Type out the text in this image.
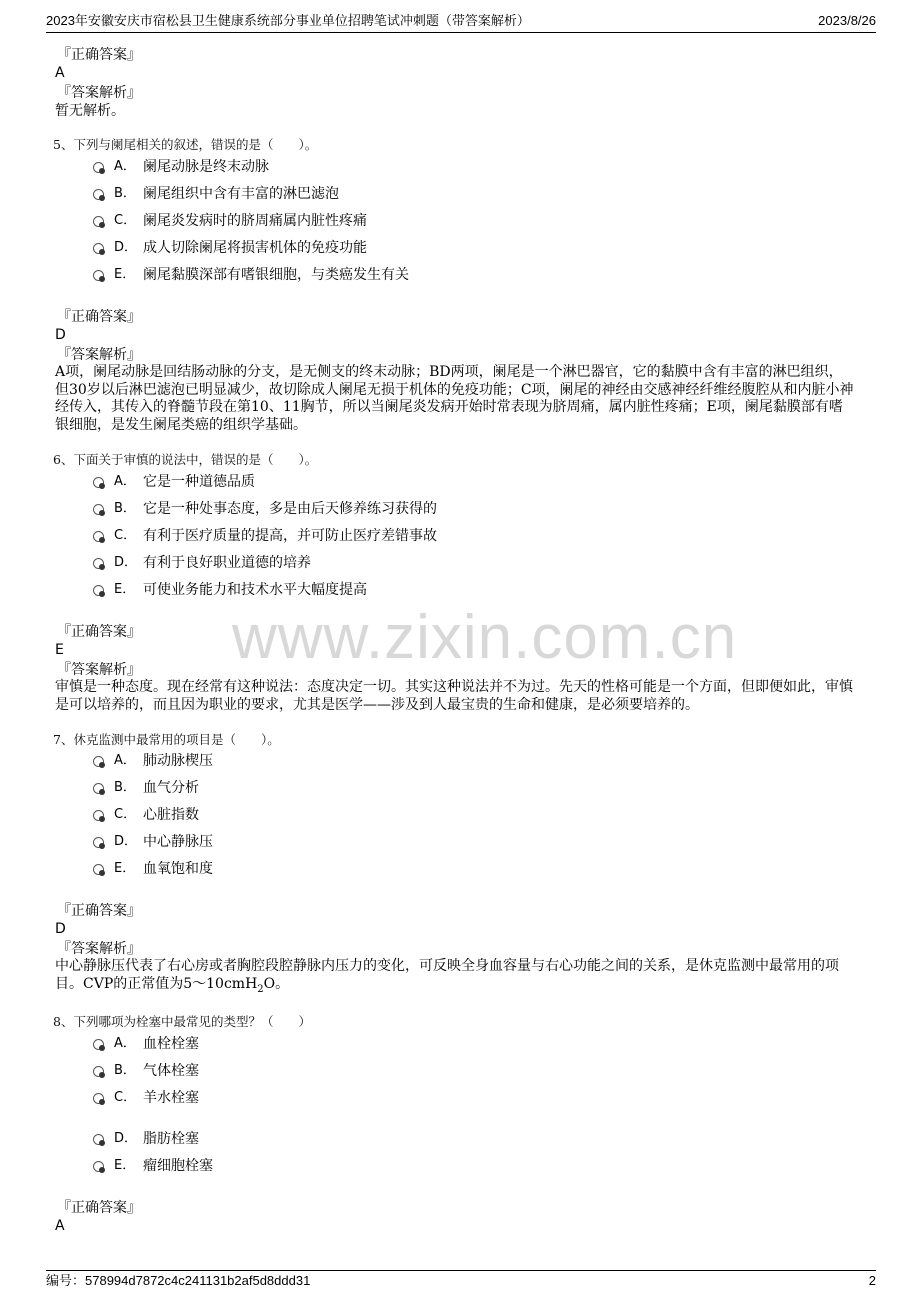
2023年安徽安庆市宿松县卫生健康系统部分事业单位招聘笔试冲刺题（带答案解析）	2023/8/26
『正确答案』
A
『答案解析』
暂无解析。
5、下列与阑尾相关的叙述，错误的是（　　）。
A． 阑尾动脉是终末动脉
B． 阑尾组织中含有丰富的淋巴滤泡
C． 阑尾炎发病时的脐周痛属内脏性疼痛
D． 成人切除阑尾将损害机体的免疫功能
E． 阑尾黏膜深部有嗜银细胞，与类癌发生有关
『正确答案』
D
『答案解析』
A项，阑尾动脉是回结肠动脉的分支，是无侧支的终末动脉；BD两项，阑尾是一个淋巴器官，它的黏膜中含有丰富的淋巴组织，但30岁以后淋巴滤泡已明显减少，故切除成人阑尾无损于机体的免疫功能；C项，阑尾的神经由交感神经纤维经腹腔从和内脏小神经传入，其传入的脊髓节段在第10、11胸节，所以当阑尾炎发病开始时常表现为脐周痛，属内脏性疼痛；E项，阑尾黏膜部有嗜银细胞，是发生阑尾类癌的组织学基础。
6、下面关于审慎的说法中，错误的是（　　）。
A． 它是一种道德品质
B． 它是一种处事态度，多是由后天修养练习获得的
C． 有利于医疗质量的提高，并可防止医疗差错事故
D． 有利于良好职业道德的培养
E． 可使业务能力和技术水平大幅度提高
『正确答案』
E
『答案解析』
审慎是一种态度。现在经常有这种说法：态度决定一切。其实这种说法并不为过。先天的性格可能是一个方面，但即便如此，审慎是可以培养的，而且因为职业的要求，尤其是医学——涉及到人最宝贵的生命和健康，是必须要培养的。
7、休克监测中最常用的项目是（　　）。
A． 肺动脉楔压
B． 血气分析
C． 心脏指数
D． 中心静脉压
E． 血氧饱和度
『正确答案』
D
『答案解析』
中心静脉压代表了右心房或者胸腔段腔静脉内压力的变化，可反映全身血容量与右心功能之间的关系，是休克监测中最常用的项目。CVP的正常值为5～10cmH$_2$O。
8、下列哪项为栓塞中最常见的类型？（　　）
A． 血栓栓塞
B． 气体栓塞
C． 羊水栓塞
D． 脂肪栓塞
E． 瘤细胞栓塞
『正确答案』
A
www.zixin.com.cn
编号：578994d7872c4c241131b2af5d8ddd31	2
